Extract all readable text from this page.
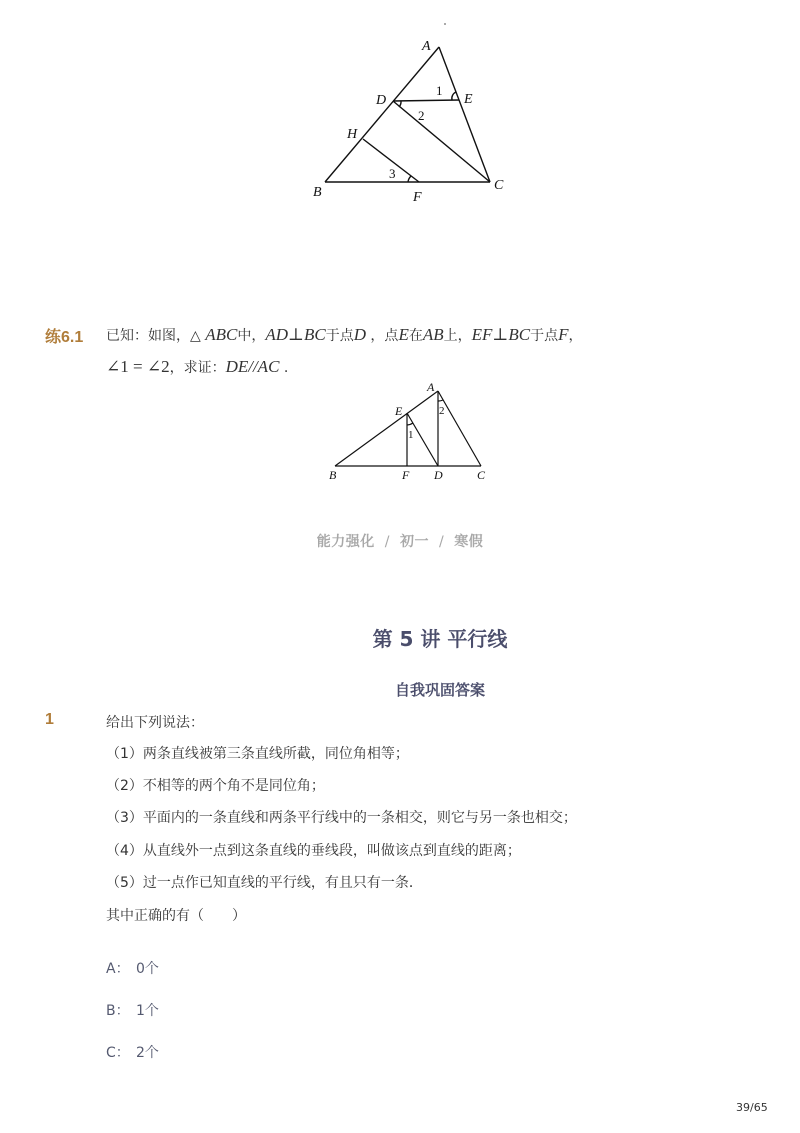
A
D	E
H
B	F
C
1
2
3
练6.1 已知：如图，△ ABC中，AD⊥BC于点D ，点E在AB上，EF⊥BC于点F，
∠1 = ∠2，求证：DE//AC .
A
E
B	F D	C
1
2
能力强化 / 初一 / 寒假
第 5 讲 平行线
自我巩固答案
1	给出下列说法：
（1）两条直线被第三条直线所截，同位角相等；
（2）不相等的两个角不是同位角；
（3）平面内的一条直线和两条平行线中的一条相交，则它与另一条也相交；
（4）从直线外一点到这条直线的垂线段，叫做该点到直线的距离；
（5）过一点作已知直线的平行线，有且只有一条．
其中正确的有（　　）
A： 0个
B： 1个
C： 2个
39/65
